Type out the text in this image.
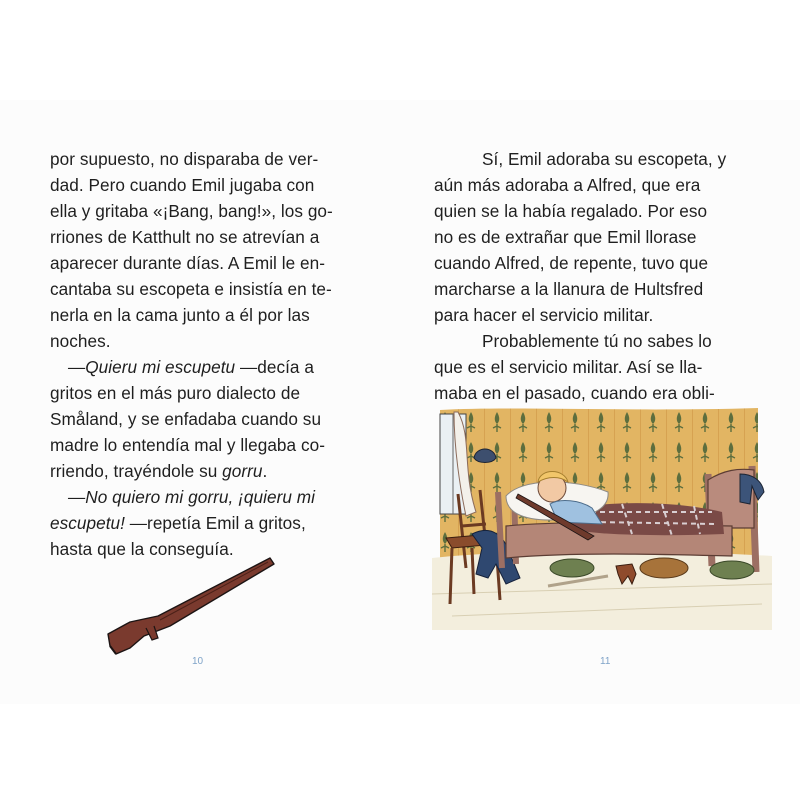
por supuesto, no disparaba de ver-
dad. Pero cuando Emil jugaba con
ella y gritaba «¡Bang, bang!», los go-
rriones de Katthult no se atrevían a
aparecer durante días. A Emil le en-
cantaba su escopeta e insistía en te-
nerla en la cama junto a él por las
noches.
—Quieru mi escupetu —decía a
gritos en el más puro dialecto de
Småland, y se enfadaba cuando su
madre lo entendía mal y llegaba co-
rriendo, trayéndole su gorru.
—No quiero mi gorru, ¡quieru mi
escupetu! —repetía Emil a gritos,
hasta que la conseguía.
10
Sí, Emil adoraba su escopeta, y
aún más adoraba a Alfred, que era
quien se la había regalado. Por eso
no es de extrañar que Emil llorase
cuando Alfred, de repente, tuvo que
marcharse a la llanura de Hultsfred
para hacer el servicio militar.
Probablemente tú no sabes lo
que es el servicio militar. Así se lla-
maba en el pasado, cuando era obli-
11
